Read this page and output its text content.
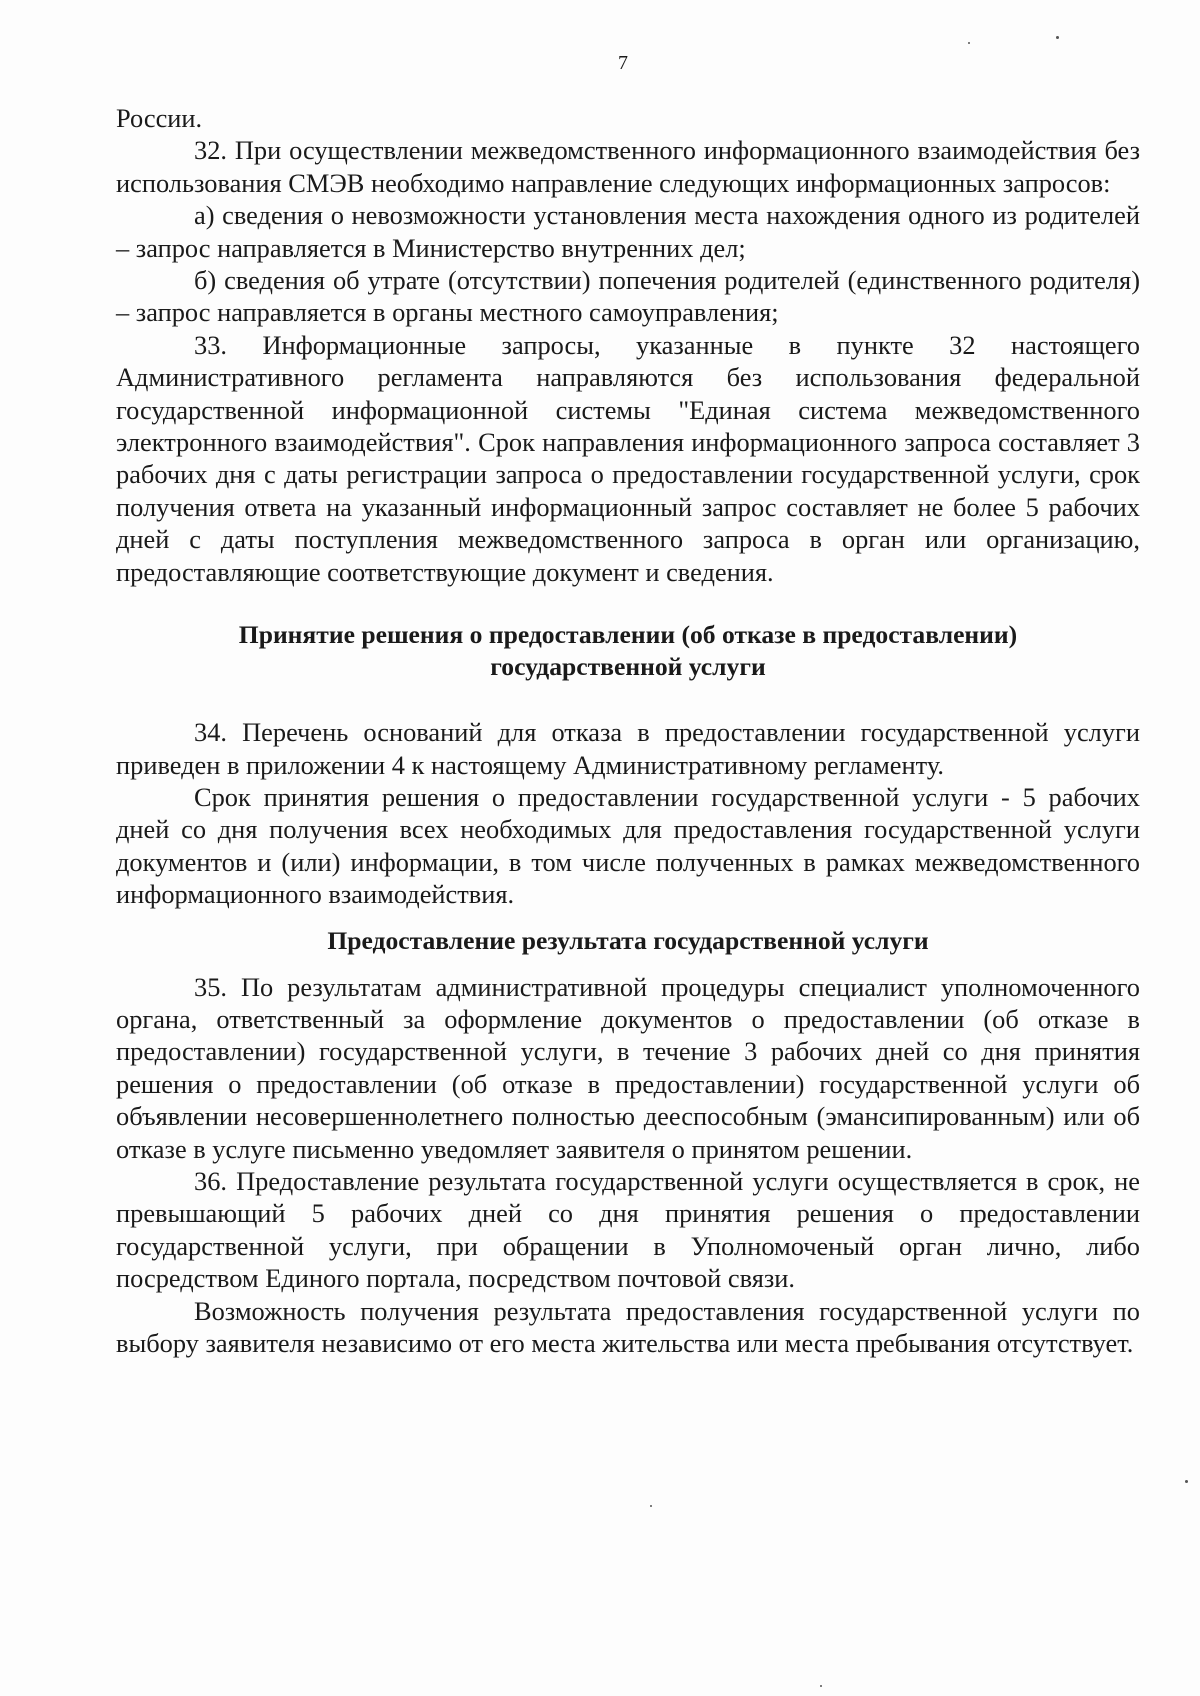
7

России.

32. При осуществлении межведомственного информационного взаимодействия без использования СМЭВ необходимо направление следующих информационных запросов:

а) сведения о невозможности установления места нахождения одного из родителей – запрос направляется в Министерство внутренних дел;

б) сведения об утрате (отсутствии) попечения родителей (единственного родителя) – запрос направляется в органы местного самоуправления;

33. Информационные запросы, указанные в пункте 32 настоящего Административного регламента направляются без использования федеральной государственной информационной системы "Единая система межведомственного электронного взаимодействия". Срок направления информационного запроса составляет 3 рабочих дня с даты регистрации запроса о предоставлении государственной услуги, срок получения ответа на указанный информационный запрос составляет не более 5 рабочих дней с даты поступления межведомственного запроса в орган или организацию, предоставляющие соответствующие документ и сведения.

Принятие решения о предоставлении (об отказе в предоставлении)
государственной услуги

34. Перечень оснований для отказа в предоставлении государственной услуги приведен в приложении 4 к настоящему Административному регламенту.

Срок принятия решения о предоставлении государственной услуги - 5 рабочих дней со дня получения всех необходимых для предоставления государственной услуги документов и (или) информации, в том числе полученных в рамках межведомственного информационного взаимодействия.

Предоставление результата государственной услуги

35. По результатам административной процедуры специалист уполномоченного органа, ответственный за оформление документов о предоставлении (об отказе в предоставлении) государственной услуги, в течение 3 рабочих дней со дня принятия решения о предоставлении (об отказе в предоставлении) государственной услуги об объявлении несовершеннолетнего полностью дееспособным (эмансипированным) или об отказе в услуге письменно уведомляет заявителя о принятом решении.

36. Предоставление результата государственной услуги осуществляется в срок, не превышающий 5 рабочих дней со дня принятия решения о предоставлении государственной услуги, при обращении в Уполномоченый орган лично, либо посредством Единого портала, посредством почтовой связи.

Возможность получения результата предоставления государственной услуги по выбору заявителя независимо от его места жительства или места пребывания отсутствует.
